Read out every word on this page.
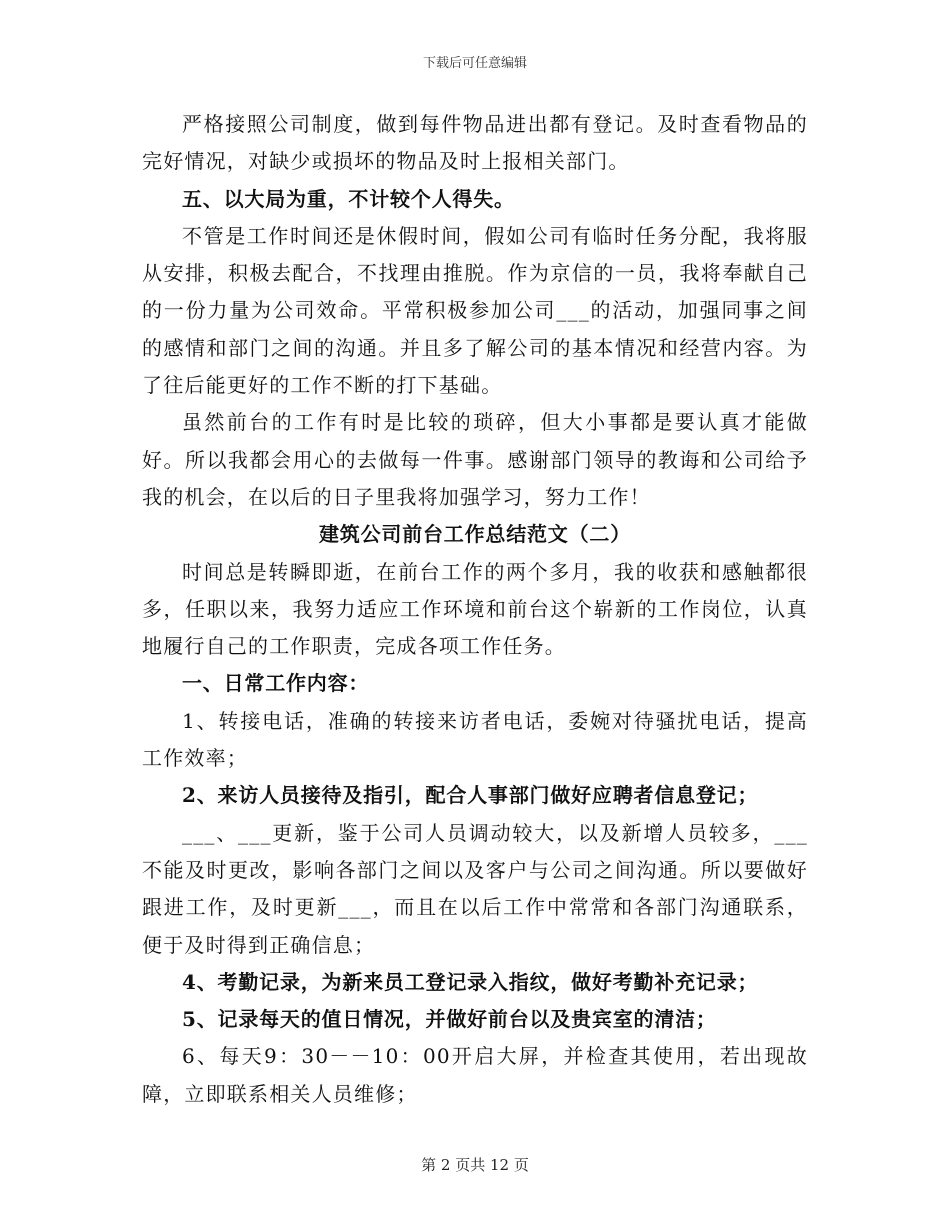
下载后可任意编辑

严格接照公司制度，做到每件物品进出都有登记。及时查看物品的完好情况，对缺少或损坏的物品及时上报相关部门。

五、以大局为重，不计较个人得失。

不管是工作时间还是休假时间，假如公司有临时任务分配，我将服从安排，积极去配合，不找理由推脱。作为京信的一员，我将奉献自己的一份力量为公司效命。平常积极参加公司___的活动，加强同事之间的感情和部门之间的沟通。并且多了解公司的基本情况和经营内容。为了往后能更好的工作不断的打下基础。

虽然前台的工作有时是比较的琐碎，但大小事都是要认真才能做好。所以我都会用心的去做每一件事。感谢部门领导的教诲和公司给予我的机会，在以后的日子里我将加强学习，努力工作！

建筑公司前台工作总结范文（二）

时间总是转瞬即逝，在前台工作的两个多月，我的收获和感触都很多，任职以来，我努力适应工作环境和前台这个崭新的工作岗位，认真地履行自己的工作职责，完成各项工作任务。

一、日常工作内容：

1、转接电话，准确的转接来访者电话，委婉对待骚扰电话，提高工作效率；

2、来访人员接待及指引，配合人事部门做好应聘者信息登记；

___、___更新，鉴于公司人员调动较大，以及新增人员较多，___不能及时更改，影响各部门之间以及客户与公司之间沟通。所以要做好跟进工作，及时更新___，而且在以后工作中常常和各部门沟通联系，便于及时得到正确信息；

4、考勤记录，为新来员工登记录入指纹，做好考勤补充记录；

5、记录每天的值日情况，并做好前台以及贵宾室的清洁；

6、每天9：30－－10：00开启大屏，并检查其使用，若出现故障，立即联系相关人员维修；

第 2 页共 12 页
